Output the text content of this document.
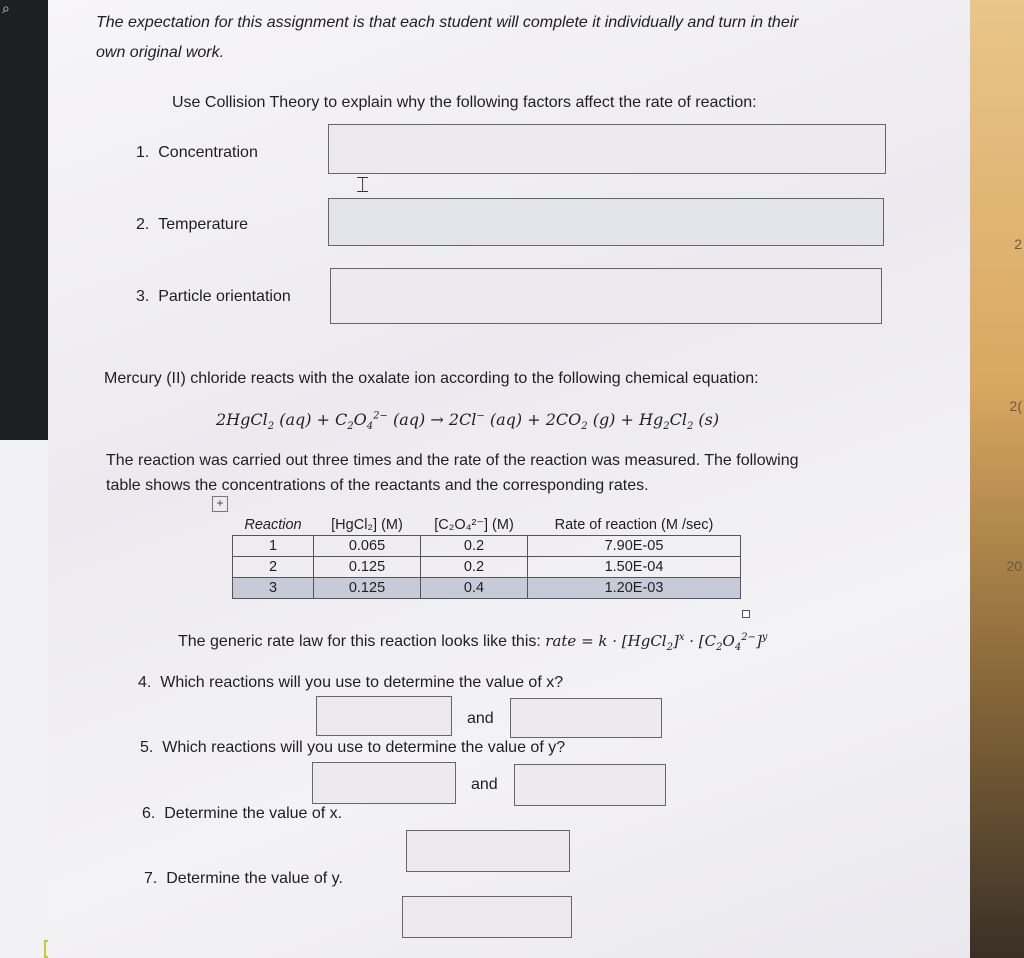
⌕
2
2(
20
The expectation for this assignment is that each student will complete it individually and turn in their
own original work.
Use Collision Theory to explain why the following factors affect the rate of reaction:
1. Concentration
⌶
2. Temperature
3. Particle orientation
Mercury (II) chloride reacts with the oxalate ion according to the following chemical equation:
2HgCl$_2$ $(aq) + C_2O_4^{2-}$ (aq) → 2Cl− $(aq) + 2CO_2$ $(g) + Hg_2Cl_2$ (s)
The reaction was carried out three times and the rate of the reaction was measured. The following
table shows the concentrations of the reactants and the corresponding rates.
+
Reaction	[HgCl₂] (M)	[C₂O₄²⁻] (M)	Rate of reaction (M /sec)
1	0.065	0.2	7.90E-05
2	0.125	0.2	1.50E-04
3	0.125	0.4	1.20E-03
The generic rate law for this reaction looks like this: rate = k · [HgCl$_2$]$^x$ · $[C_2O_4^{2-}]^y$
4. Which reactions will you use to determine the value of x?
and
5. Which reactions will you use to determine the value of y?
and
6. Determine the value of x.
7. Determine the value of y.
